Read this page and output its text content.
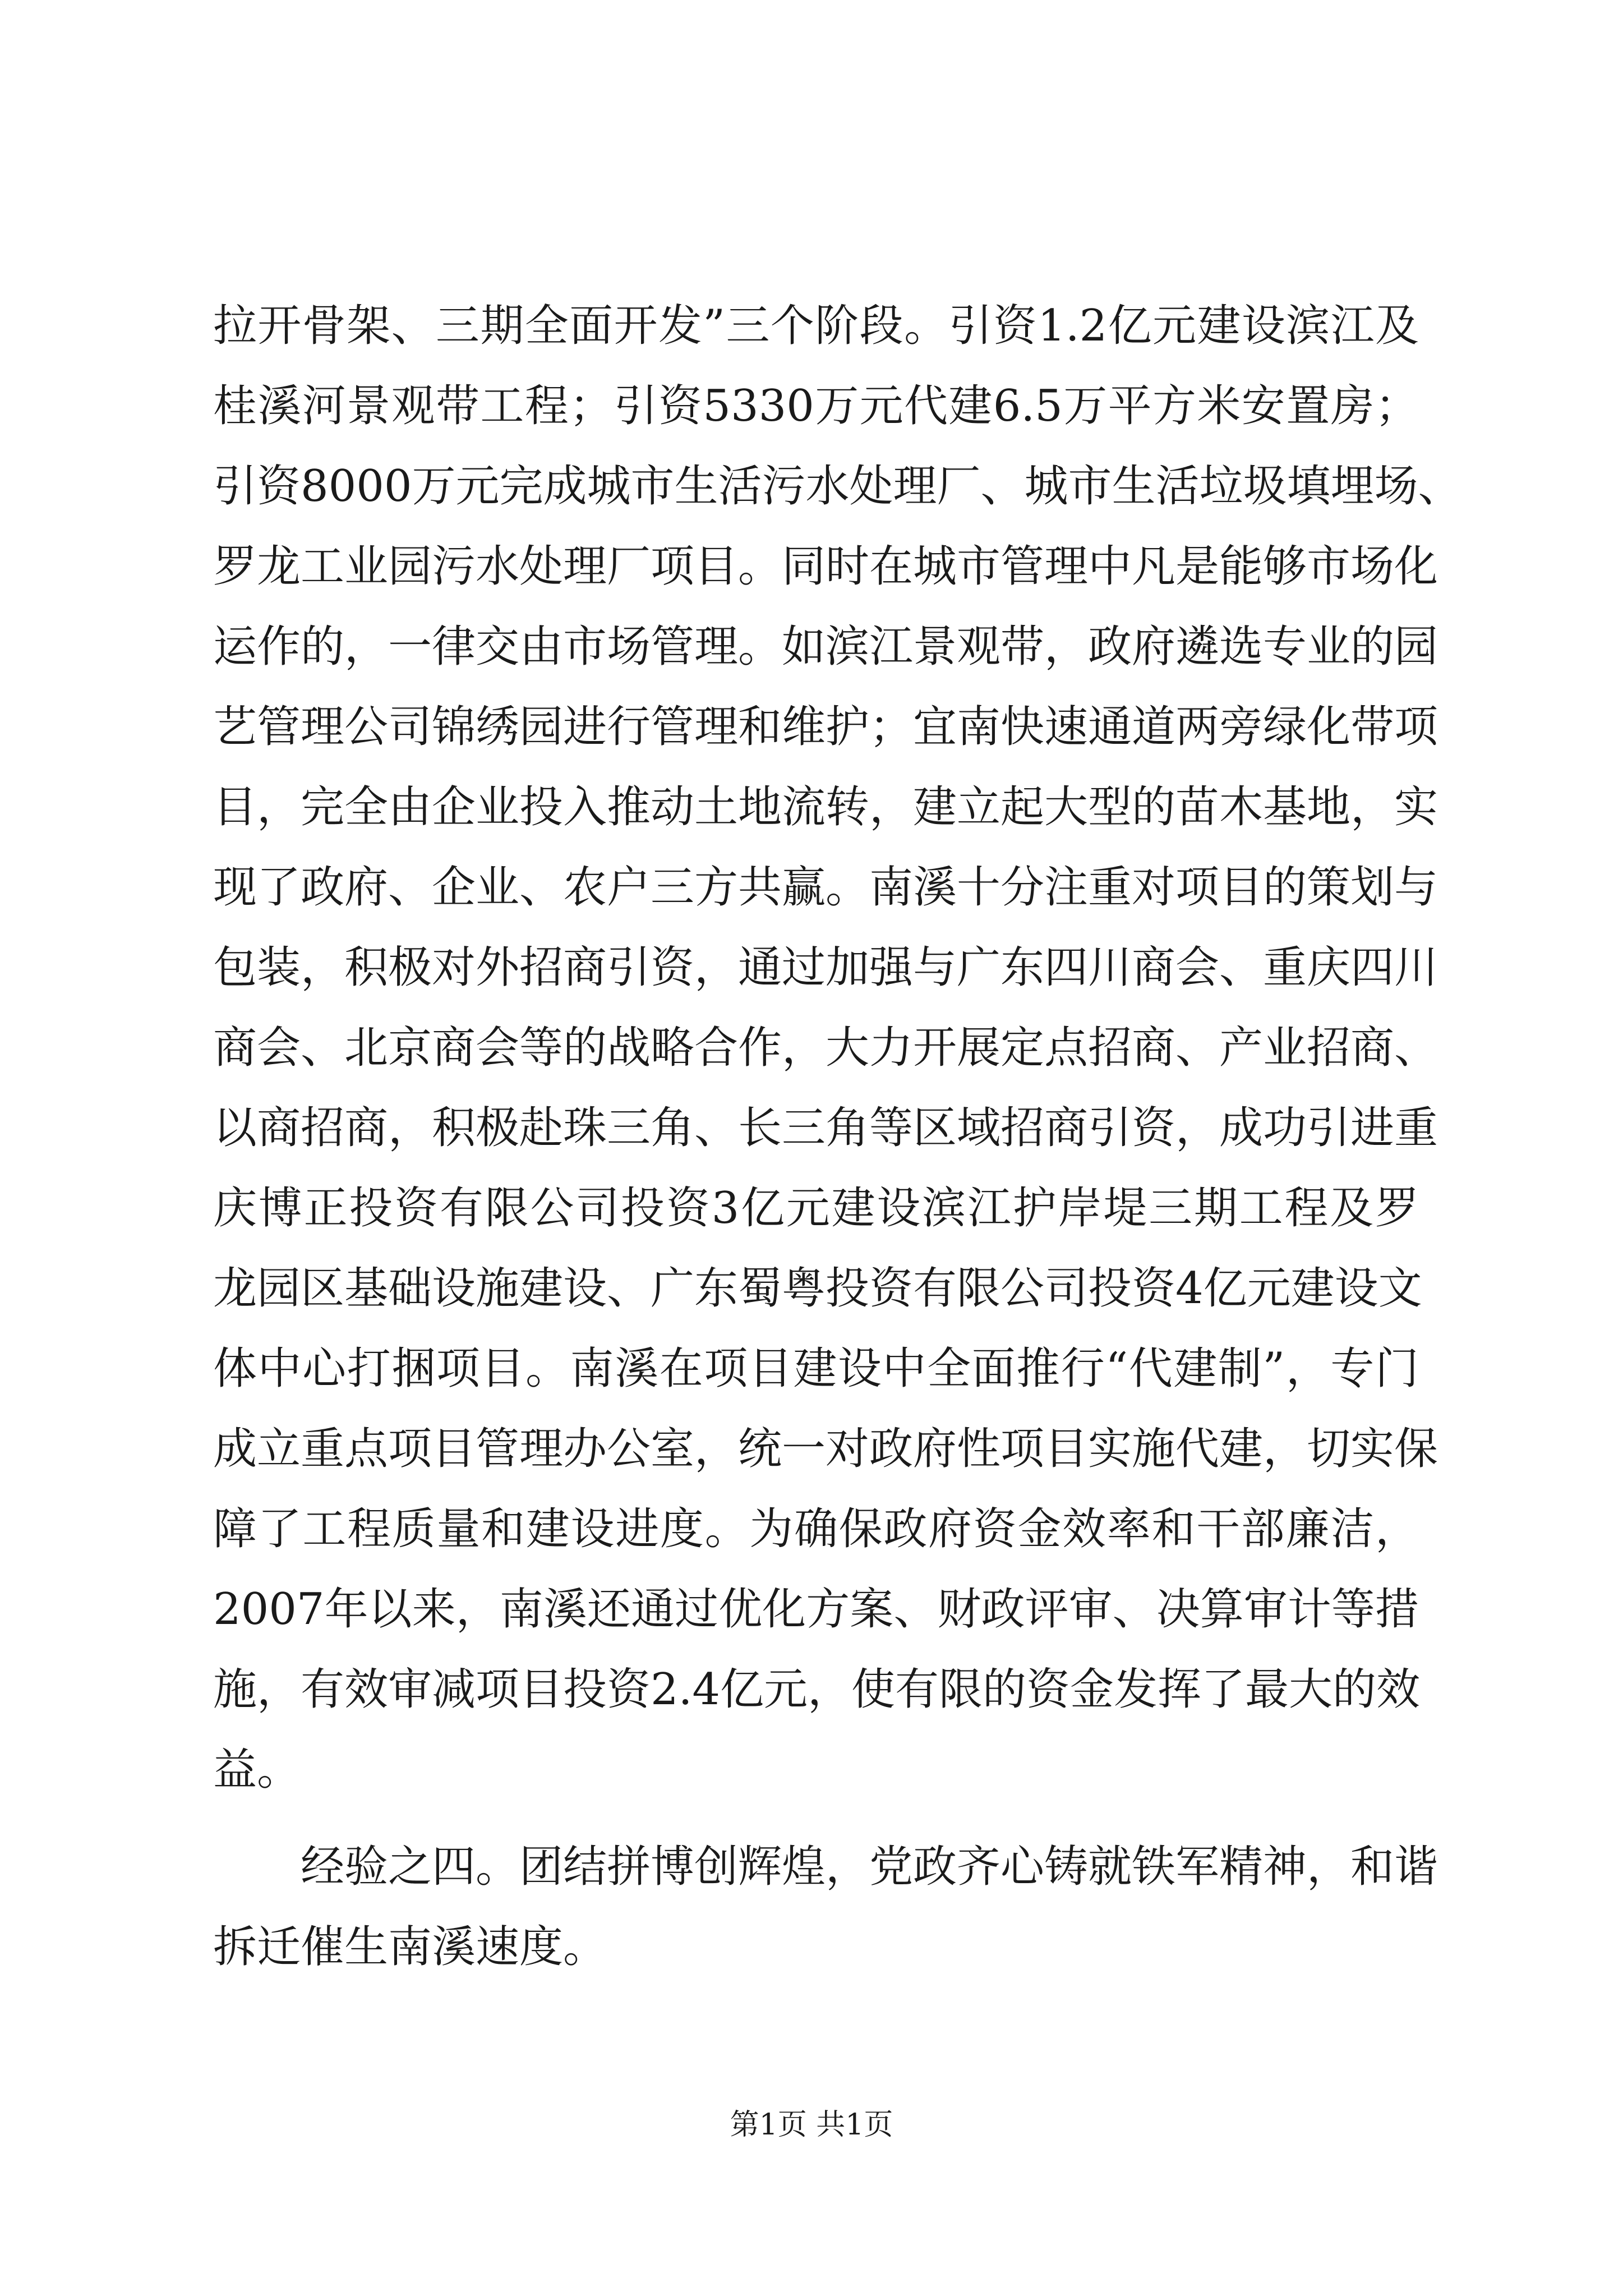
拉开骨架、三期全面开发”三个阶段。引资1.2亿元建设滨江及
桂溪河景观带工程；引资5330万元代建6.5万平方米安置房；
引资8000万元完成城市生活污水处理厂、城市生活垃圾填埋场、
罗龙工业园污水处理厂项目。同时在城市管理中凡是能够市场化
运作的，一律交由市场管理。如滨江景观带，政府遴选专业的园
艺管理公司锦绣园进行管理和维护；宜南快速通道两旁绿化带项
目，完全由企业投入推动土地流转，建立起大型的苗木基地，实
现了政府、企业、农户三方共赢。南溪十分注重对项目的策划与
包装，积极对外招商引资，通过加强与广东四川商会、重庆四川
商会、北京商会等的战略合作，大力开展定点招商、产业招商、
以商招商，积极赴珠三角、长三角等区域招商引资，成功引进重
庆博正投资有限公司投资3亿元建设滨江护岸堤三期工程及罗
龙园区基础设施建设、广东蜀粤投资有限公司投资4亿元建设文
体中心打捆项目。南溪在项目建设中全面推行“代建制”，专门
成立重点项目管理办公室，统一对政府性项目实施代建，切实保
障了工程质量和建设进度。为确保政府资金效率和干部廉洁，
2007年以来，南溪还通过优化方案、财政评审、决算审计等措
施，有效审减项目投资2.4亿元，使有限的资金发挥了最大的效
益。
　　经验之四。团结拼博创辉煌，党政齐心铸就铁军精神，和谐
拆迁催生南溪速度。
第1页 共1页
